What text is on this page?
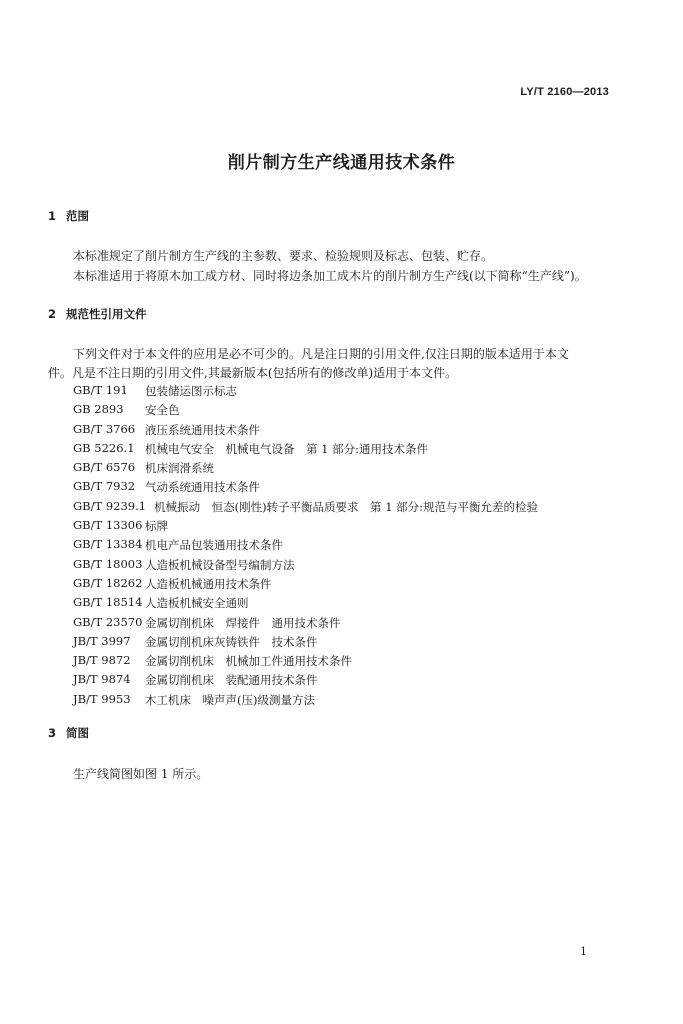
LY/T 2160—2013
削片制方生产线通用技术条件
1 范围
本标准规定了削片制方生产线的主参数、要求、检验规则及标志、包装、贮存。
本标准适用于将原木加工成方材、同时将边条加工成木片的削片制方生产线(以下简称“生产线”)。
2 规范性引用文件
下列文件对于本文件的应用是必不可少的。凡是注日期的引用文件,仅注日期的版本适用于本文
件。凡是不注日期的引用文件,其最新版本(包括所有的修改单)适用于本文件。
GB/T 191	包装储运图示标志
GB 2893	安全色
GB/T 3766 液压系统通用技术条件
GB 5226.1 机械电气安全　机械电气设备　第 1 部分:通用技术条件
GB/T 6576 机床润滑系统
GB/T 7932 气动系统通用技术条件
GB/T 9239.1 机械振动　恒态(刚性)转子平衡品质要求　第 1 部分:规范与平衡允差的检验
GB/T 13306 标牌
GB/T 13384 机电产品包装通用技术条件
GB/T 18003 人造板机械设备型号编制方法
GB/T 18262 人造板机械通用技术条件
GB/T 18514 人造板机械安全通则
GB/T 23570 金属切削机床　焊接件　通用技术条件
JB/T 3997	金属切削机床灰铸铁件　技术条件
JB/T 9872	金属切削机床　机械加工件通用技术条件
JB/T 9874	金属切削机床　装配通用技术条件
JB/T 9953	木工机床　噪声声(压)级测量方法
3 简图
生产线简图如图 1 所示。
1
